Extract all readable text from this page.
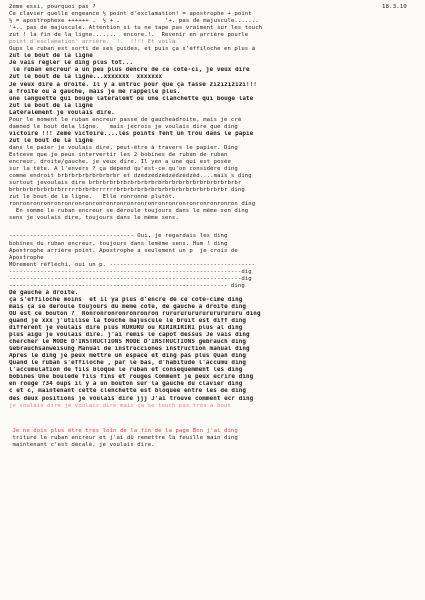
18.3.10
2ème essi, pourquoi pas ?
Ce clavier quelle engeance ½ point d'exclamation! = apostrophe + point
½ = apostrophexe ++++++ .  ½ + .             '+. pas de majuscule.......
'+.. pas de majuscule. Attention si tu ne tape pas vraiment sur les touch
zut ! la fin de la ligne.......  encore.!.  Revenir en arrière pourle
point d'exclamation' arrière.  !.  !!!! Et voilà
Oups le ruban est sorti de ses guides, et puis ça s'éffiloche en plus à
zut le bout de la ligne
Je vais régler le ding plus tôt...
le ruban encreur a un peu plus dencre de ce côté-ci, je veux dire
zut le bout de la ligne...xxxxxxx  xxxxxxx
Je veux dire à droite. Il y a untruc pour que ça fasse zizizizizi!!!
à froite ou à gauche, mais je me rappelle plus.
une languette qui bouge latéralemt ou une clanchette qui bouge laté
zut le bout de la ligne
Latéralement je voulais dire.
Pour le moment le ruban encreur passe de gaucheàdroite, mais je cré
damned le bout dela ligne.   mais jecrois je voulais dire que ding
victoire !!! 2ème victoire....les points fent un trou dans le papie
zut le bout de la ligne
dans le paier je voulais dire, peut-être à travers le papier. Ding
Estceve que je peux intervertir les 2 bobines de ruban de ruban
encreur, droite/gauche, je veux dire. Il yen a une qui est posée
sur la tête. A l'envers ? ça dépend qu'est-ce qu'on considère ding
comme endroit brbrbrbrbrbrbrbrbr et dzédzédzédzédzédzéd....mais s ding
surtout jevoulais dire brbrbrbrbrbrbrbrbrbrbrbrbrbrbrbrbrbrbrbrbrbr
brbrbrbrbrbrbrbrrrrrbrbrbrrrrrrbrbrbrbrbrbrbrbrbrbrbrbrbrbrbrbr ding
zut le bout de la ligne.   Elle ronronne plutôt.
ronronronronronronronronronronronronronronronronronronronronronron ding
En somme le ruban encreur se déroule toujours dans le même sen ding
sens je voulais dire, toujours dans le même sens.
------------------------------------ Oui, je regardais les ding
bobines du ruban encreur, toujours dans lemême sens. Hum ! ding
Apostrophe arrière point. Apostrophe a seulement un p  je crois de
Apostrophe
MOrement réfléchi, oui un p. ------------------------------------------
-------------------------------------------------------------------dig
-------------------------------------------------------------------dig
--------------------------------------------------------------- ding
De gauche à droite.
ça s'éffiloche moins  et il ya plus d'encre de ce côté-cime ding
mais ça se déroule toujours du même côté, de gauche à droite ding
OÙ est ce bouton ?  Ronronronronronronron rururururururururururu ding
quand je xxx j'utilise la touche majuscule le bruit est diff ding
différent je voulais dire plus RURURU ou RIRIRIRIRI plus al ding
plus aigu je voulais dire. j'ai remis le capot dessus Je vais ding
chercher le MODE D'INSTRUCTIONS MODE D'INSTRUCTIONS gebrauch ding
Gebrauchsanweisung Manual de instrucciones instruction manual ding
Après le ding je peux mettre un espace et ding pas plus Quan ding
Quand le ruban s'éffiloche , par le bas, d'habitude l'accumu ding
l'accumulation de fils bloque le ruban et conséquemment les ding
bobines Une boulede fils fins et rouges Comment je peux écrire ding
en rouge ?34 oups il y a un bouton sur la gauche du clavier ding
c et c, maintenant cette clenchette est bloquée entre les de ding
des deux positions je voulais dire jjj J'ai trouvé comment écr ding
je voulais dire je voulais dire mais ça se touch pas trés à bout
Je ne dois plus être très loin de la fin de la page Bon j'ai ding
trituré le ruban encreur et j'ai dû remettre la feuille main ding
maintenant c'est décalé, je voulais dire.
